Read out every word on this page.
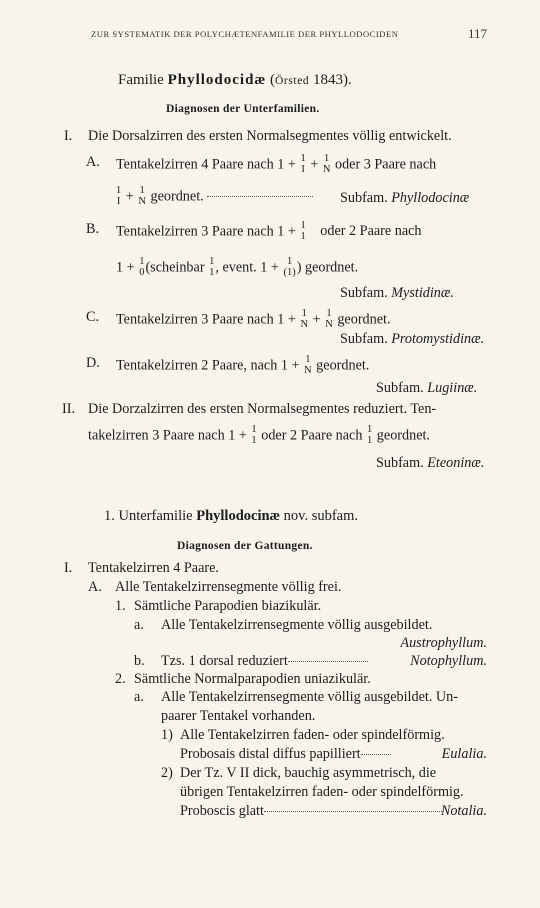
ZUR SYSTEMATIK DER POLYCHÆTENFAMILIE DER PHYLLODOCIDEN	117
Familie Phyllodocidæ (Örsted 1843).
Diagnosen der Unterfamilien.
I. Die Dorsalzirren des ersten Normalsegmentes völlig entwickelt.
A. Tentakelzirren 4 Paare nach 1 + 1
I + 1
N oder 3 Paare nach
1
I + 1
N geordnet.	Subfam. Phyllodocinæ
B. Tentakelzirren 3 Paare nach 1 + 1
1 oder 2 Paare nach
1 + 1
0 (scheinbar 1
1 , event. 1 + 1
(1) ) geordnet.
Subfam. Mystidinæ.
C. Tentakelzirren 3 Paare nach 1 + 1
N + 1
N geordnet.
Subfam. Protomystidinæ.
D. Tentakelzirren 2 Paare, nach 1 + 1
N geordnet.
Subfam. Lugiinæ.
II. Die Dorzalzirren des ersten Normalsegmentes reduziert. Ten-
takelzirren 3 Paare nach 1 + 1
1 oder 2 Paare nach 1
1 geordnet.
Subfam. Eteoninæ.
1. Unterfamilie Phyllodocinæ nov. subfam.
Diagnosen der Gattungen.
I. Tentakelzirren 4 Paare.
A. Alle Tentakelzirrensegmente völlig frei.
1. Sämtliche Parapodien biazikulär.
a. Alle Tentakelzirrensegmente völlig ausgebildet.
Austrophyllum.
b. Tzs. 1 dorsal reduziert	Notophyllum.
2. Sämtliche Normalparapodien uniazikulär.
a. Alle Tentakelzirrensegmente völlig ausgebildet. Un-
paarer Tentakel vorhanden.
1) Alle Tentakelzirren faden- oder spindelförmig.
Probosais distal diffus papilliert	Eulalia.
2) Der Tz. V II dick, bauchig asymmetrisch, die
übrigen Tentakelzirren faden- oder spindelförmig.
Proboscis glatt	Notalia.
